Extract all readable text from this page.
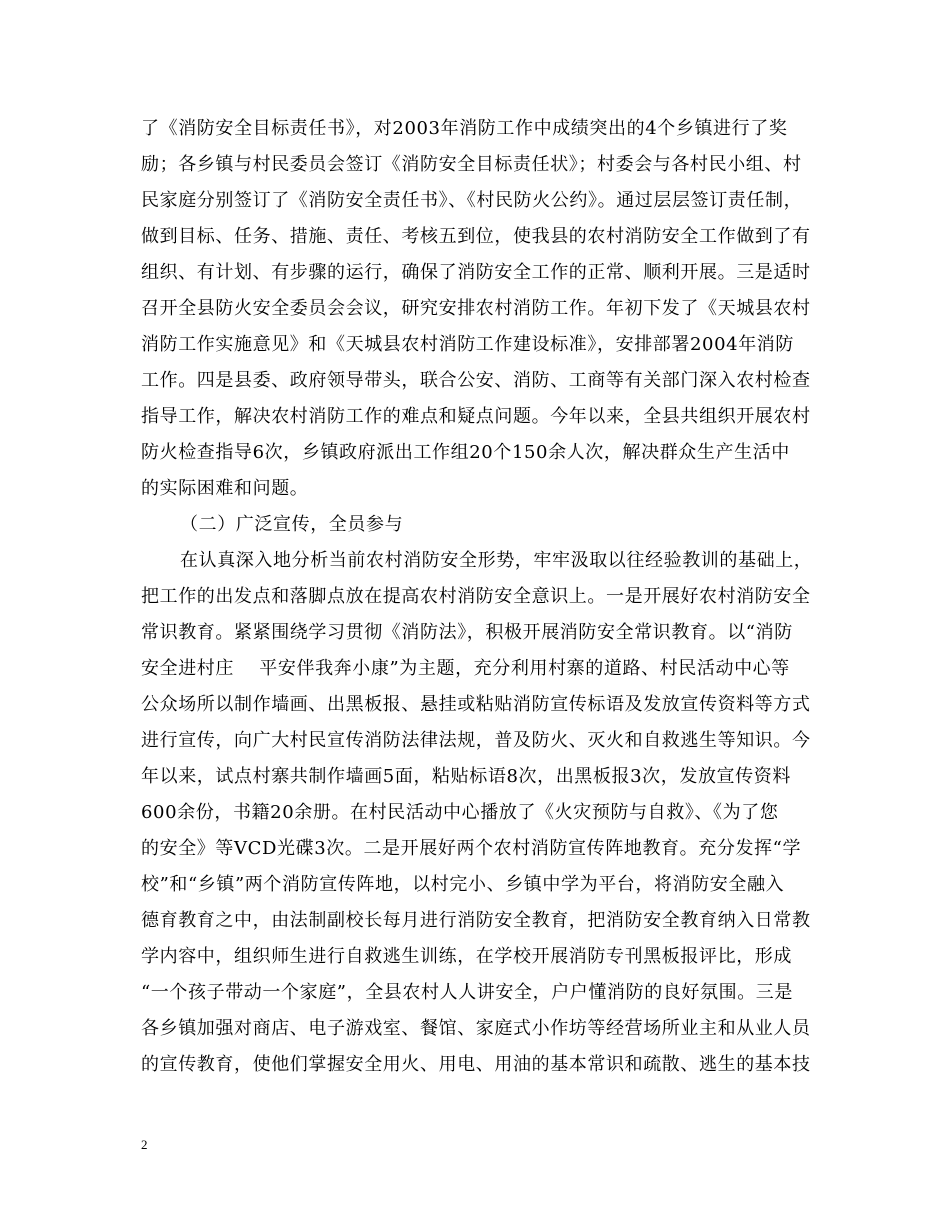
了《消防安全目标责任书》，对2003年消防工作中成绩突出的4个乡镇进行了奖
励；各乡镇与村民委员会签订《消防安全目标责任状》；村委会与各村民小组、村
民家庭分别签订了《消防安全责任书》、《村民防火公约》。通过层层签订责任制，
做到目标、任务、措施、责任、考核五到位，使我县的农村消防安全工作做到了有
组织、有计划、有步骤的运行，确保了消防安全工作的正常、顺利开展。三是适时
召开全县防火安全委员会会议，研究安排农村消防工作。年初下发了《天城县农村
消防工作实施意见》和《天城县农村消防工作建设标准》，安排部署2004年消防
工作。四是县委、政府领导带头，联合公安、消防、工商等有关部门深入农村检查
指导工作，解决农村消防工作的难点和疑点问题。今年以来，全县共组织开展农村
防火检查指导6次，乡镇政府派出工作组20个150余人次，解决群众生产生活中
的实际困难和问题。
（二）广泛宣传，全员参与
在认真深入地分析当前农村消防安全形势，牢牢汲取以往经验教训的基础上，
把工作的出发点和落脚点放在提高农村消防安全意识上。一是开展好农村消防安全
常识教育。紧紧围绕学习贯彻《消防法》，积极开展消防安全常识教育。以“消防
安全进村庄    平安伴我奔小康”为主题，充分利用村寨的道路、村民活动中心等
公众场所以制作墙画、出黑板报、悬挂或粘贴消防宣传标语及发放宣传资料等方式
进行宣传，向广大村民宣传消防法律法规，普及防火、灭火和自救逃生等知识。今
年以来，试点村寨共制作墙画5面，粘贴标语8次，出黑板报3次，发放宣传资料
600余份，书籍20余册。在村民活动中心播放了《火灾预防与自救》、《为了您
的安全》等VCD光碟3次。二是开展好两个农村消防宣传阵地教育。充分发挥“学
校”和“乡镇”两个消防宣传阵地，以村完小、乡镇中学为平台，将消防安全融入
德育教育之中，由法制副校长每月进行消防安全教育，把消防安全教育纳入日常教
学内容中，组织师生进行自救逃生训练，在学校开展消防专刊黑板报评比，形成
“一个孩子带动一个家庭”，全县农村人人讲安全，户户懂消防的良好氛围。三是
各乡镇加强对商店、电子游戏室、餐馆、家庭式小作坊等经营场所业主和从业人员
的宣传教育，使他们掌握安全用火、用电、用油的基本常识和疏散、逃生的基本技
2
